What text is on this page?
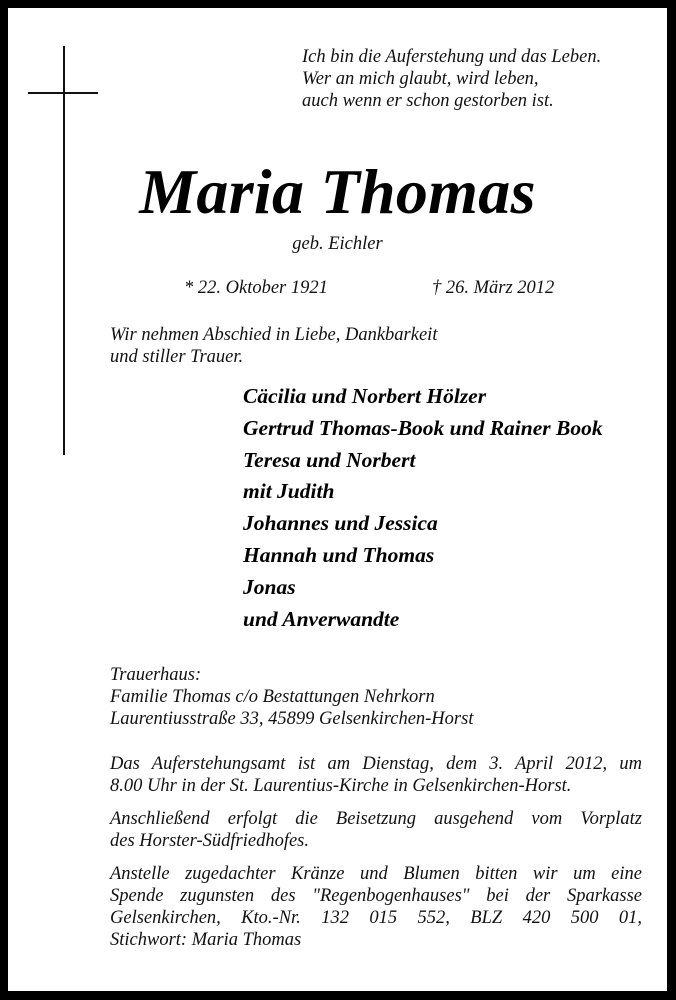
Ich bin die Auferstehung und das Leben.
Wer an mich glaubt, wird leben,
auch wenn er schon gestorben ist.
Maria Thomas
geb. Eichler
* 22. Oktober 1921	† 26. März 2012
Wir nehmen Abschied in Liebe, Dankbarkeit
und stiller Trauer.
Cäcilia und Norbert Hölzer
Gertrud Thomas-Book und Rainer Book
Teresa und Norbert
mit Judith
Johannes und Jessica
Hannah und Thomas
Jonas
und Anverwandte
Trauerhaus:
Familie Thomas c/o Bestattungen Nehrkorn
Laurentiusstraße 33, 45899 Gelsenkirchen-Horst
Das Auferstehungsamt ist am Dienstag, dem 3. April 2012, um
8.00 Uhr in der St. Laurentius-Kirche in Gelsenkirchen-Horst.
Anschließend erfolgt die Beisetzung ausgehend vom Vorplatz
des Horster-Südfriedhofes.
Anstelle zugedachter Kränze und Blumen bitten wir um eine
Spende zugunsten des "Regenbogenhauses" bei der Sparkasse
Gelsenkirchen, Kto.-Nr. 132 015 552, BLZ 420 500 01,
Stichwort: Maria Thomas
